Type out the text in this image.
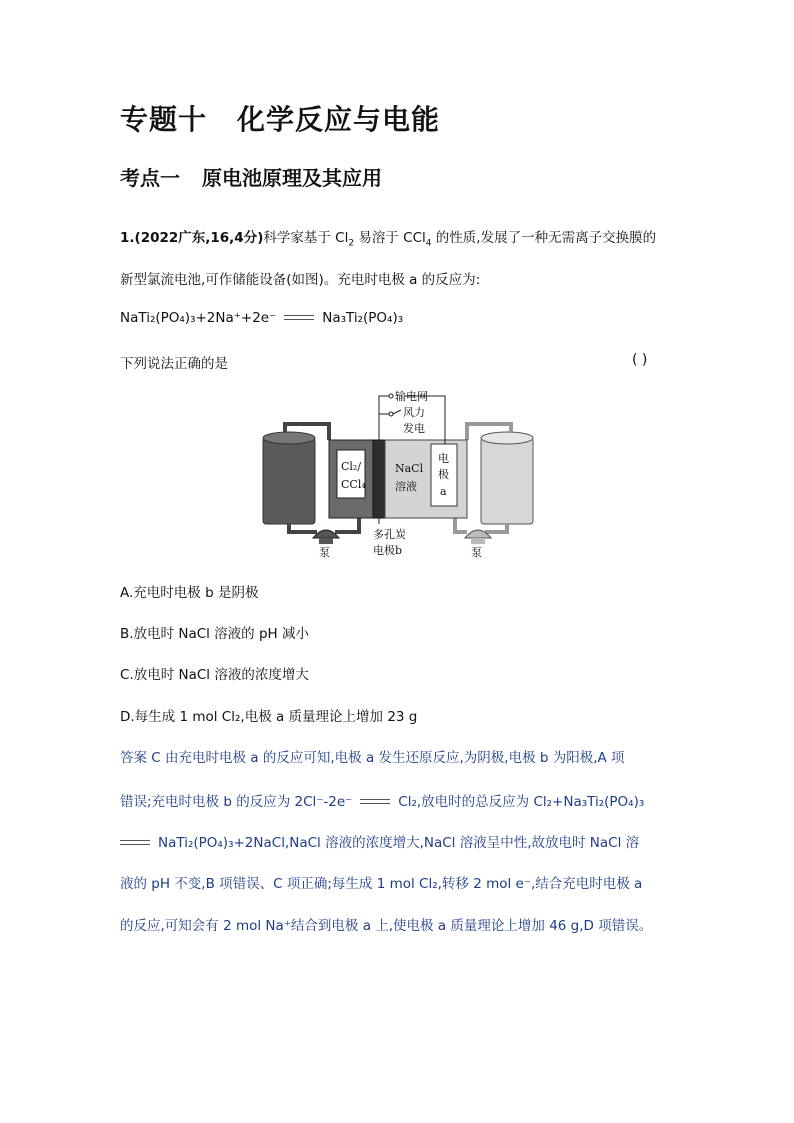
专题十 化学反应与电能
考点一 原电池原理及其应用
1.(2022广东,16,4分)科学家基于 $Cl_2$ 易溶于 CCl$_4$ 的性质,发展了一种无需离子交换膜的
新型氯流电池,可作储能设备(如图)。充电时电极 a 的反应为:
NaTi₂(PO₄)₃+2Na⁺+2e⁻	Na₃Ti₂(PO₄)₃
下列说法正确的是	( )
输电网
风力
发电
Cl₂/
CCl₄
NaCl
溶液
电
极
a
多孔炭
电极b
泵	泵
A.充电时电极 b 是阴极
B.放电时 NaCl 溶液的 pH 减小
C.放电时 NaCl 溶液的浓度增大
D.每生成 1 mol Cl₂,电极 a 质量理论上增加 23 g
答案 C 由充电时电极 a 的反应可知,电极 a 发生还原反应,为阴极,电极 b 为阳极,A 项
错误;充电时电极 b 的反应为 2Cl⁻-2e⁻	Cl₂,放电时的总反应为 Cl₂+Na₃Ti₂(PO₄)₃
NaTi₂(PO₄)₃+2NaCl,NaCl 溶液的浓度增大,NaCl 溶液呈中性,故放电时 NaCl 溶
液的 pH 不变,B 项错误、C 项正确;每生成 1 mol Cl₂,转移 2 mol e⁻,结合充电时电极 a
的反应,可知会有 2 mol Na⁺结合到电极 a 上,使电极 a 质量理论上增加 46 g,D 项错误。
